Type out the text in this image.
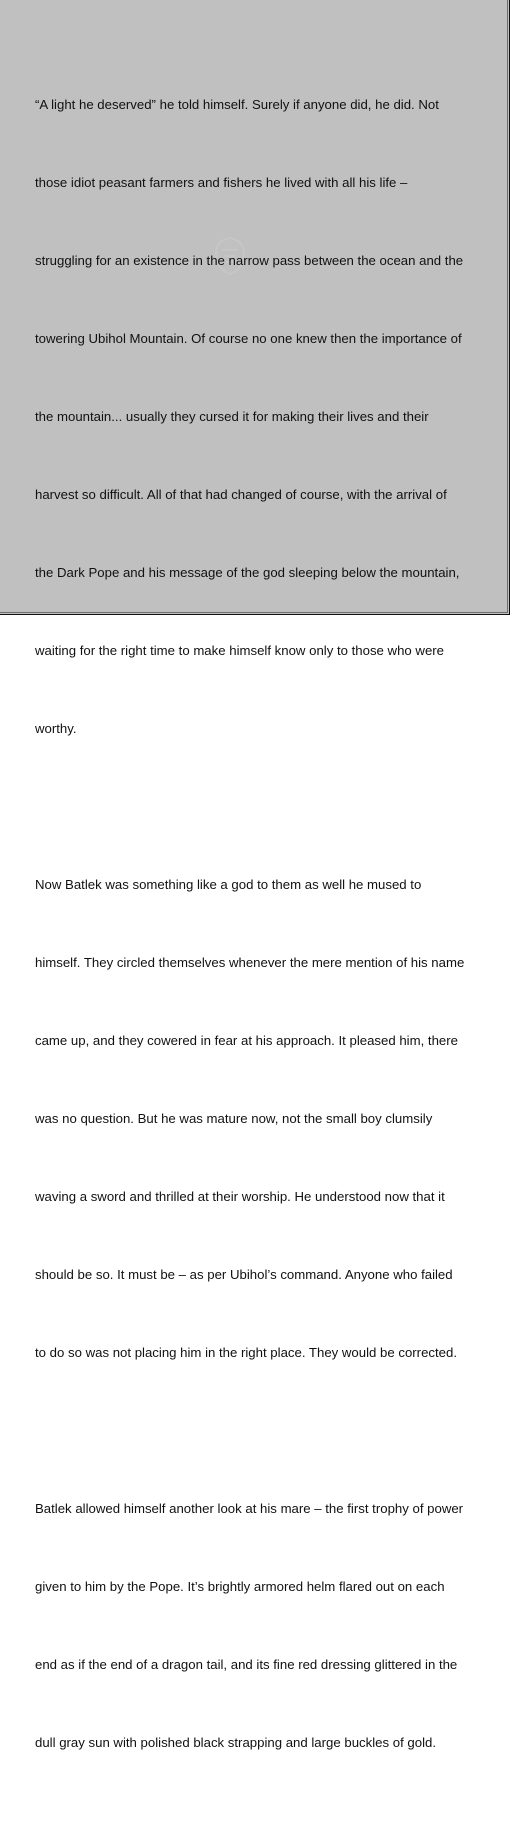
“A light he deserved” he told himself. Surely if anyone did, he did. Not

those idiot peasant farmers and fishers he lived with all his life –

struggling for an existence in the narrow pass between the ocean and the

towering Ubihol Mountain. Of course no one knew then the importance of

the mountain... usually they cursed it for making their lives and their

harvest so difficult. All of that had changed of course, with the arrival of

the Dark Pope and his message of the god sleeping below the mountain,

waiting for the right time to make himself know only to those who were

worthy.

Now Batlek was something like a god to them as well he mused to

himself. They circled themselves whenever the mere mention of his name

came up, and they cowered in fear at his approach. It pleased him, there

was no question. But he was mature now, not the small boy clumsily

waving a sword and thrilled at their worship. He understood now that it

should be so. It must be – as per Ubihol’s command. Anyone who failed

to do so was not placing him in the right place. They would be corrected.

Batlek allowed himself another look at his mare – the first trophy of power

given to him by the Pope. It’s brightly armored helm flared out on each

end as if the end of a dragon tail, and its fine red dressing glittered in the

dull gray sun with polished black strapping and large buckles of gold.
